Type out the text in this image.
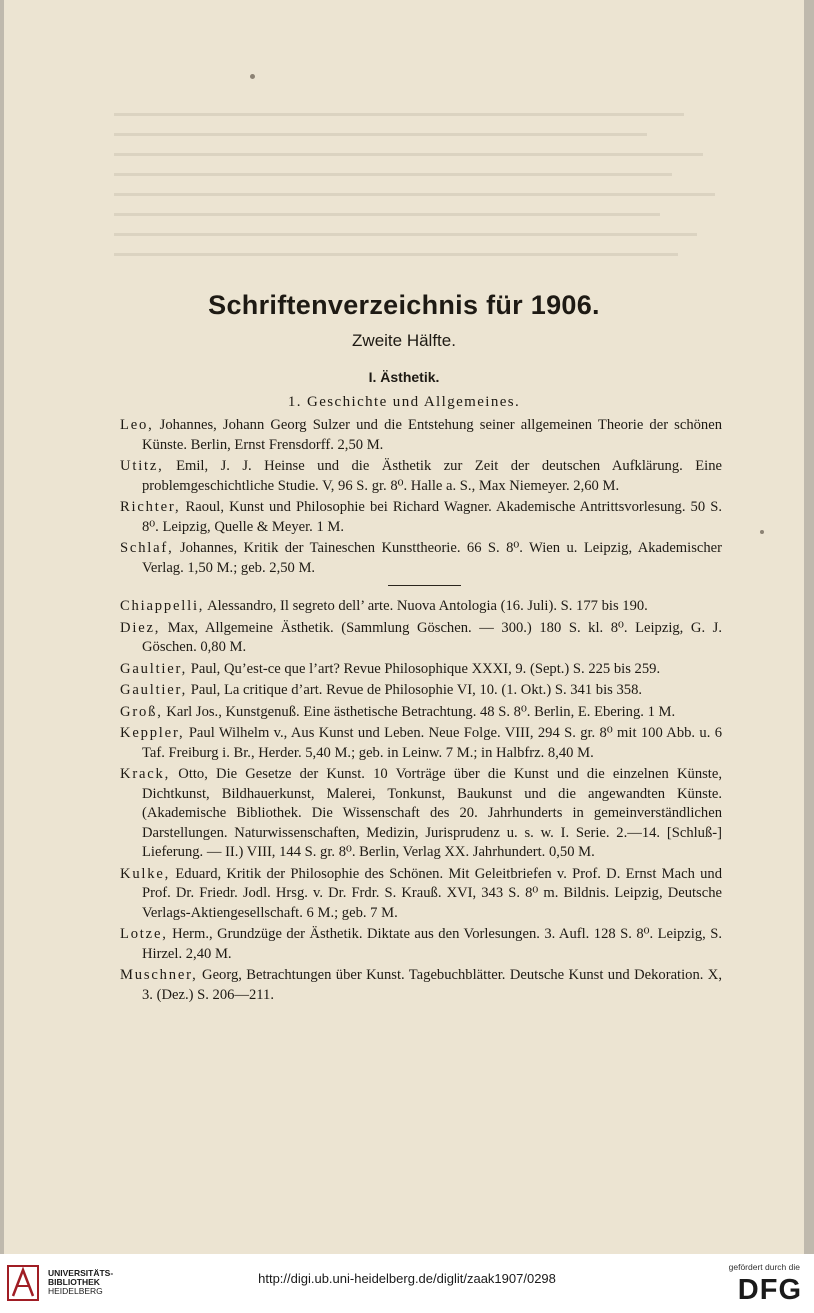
Schriftenverzeichnis für 1906.
Zweite Hälfte.
I. Ästhetik.
1. Geschichte und Allgemeines.

Leo, Johannes, Johann Georg Sulzer und die Entstehung seiner allgemeinen Theorie der schönen Künste. Berlin, Ernst Frensdorff. 2,50 M.

Utitz, Emil, J. J. Heinse und die Ästhetik zur Zeit der deutschen Aufklärung. Eine problemgeschichtliche Studie. V, 96 S. gr. 8⁰. Halle a. S., Max Niemeyer. 2,60 M.

Richter, Raoul, Kunst und Philosophie bei Richard Wagner. Akademische Antrittsvorlesung. 50 S. 8⁰. Leipzig, Quelle & Meyer. 1 M.

Schlaf, Johannes, Kritik der Taineschen Kunsttheorie. 66 S. 8⁰. Wien u. Leipzig, Akademischer Verlag. 1,50 M.; geb. 2,50 M.

Chiappelli, Alessandro, Il segreto dell’ arte. Nuova Antologia (16. Juli). S. 177 bis 190.

Diez, Max, Allgemeine Ästhetik. (Sammlung Göschen. — 300.) 180 S. kl. 8⁰. Leipzig, G. J. Göschen. 0,80 M.

Gaultier, Paul, Qu’est-ce que l’art? Revue Philosophique XXXI, 9. (Sept.) S. 225 bis 259.

Gaultier, Paul, La critique d’art. Revue de Philosophie VI, 10. (1. Okt.) S. 341 bis 358.

Groß, Karl Jos., Kunstgenuß. Eine ästhetische Betrachtung. 48 S. 8⁰. Berlin, E. Ebering. 1 M.

Keppler, Paul Wilhelm v., Aus Kunst und Leben. Neue Folge. VIII, 294 S. gr. 8⁰ mit 100 Abb. u. 6 Taf. Freiburg i. Br., Herder. 5,40 M.; geb. in Leinw. 7 M.; in Halbfrz. 8,40 M.

Krack, Otto, Die Gesetze der Kunst. 10 Vorträge über die Kunst und die einzelnen Künste, Dichtkunst, Bildhauerkunst, Malerei, Tonkunst, Baukunst und die angewandten Künste. (Akademische Bibliothek. Die Wissenschaft des 20. Jahrhunderts in gemeinverständlichen Darstellungen. Naturwissenschaften, Medizin, Jurisprudenz u. s. w. I. Serie. 2.—14. [Schluß-] Lieferung. — II.) VIII, 144 S. gr. 8⁰. Berlin, Verlag XX. Jahrhundert. 0,50 M.

Kulke, Eduard, Kritik der Philosophie des Schönen. Mit Geleitbriefen v. Prof. D. Ernst Mach und Prof. Dr. Friedr. Jodl. Hrsg. v. Dr. Frdr. S. Krauß. XVI, 343 S. 8⁰ m. Bildnis. Leipzig, Deutsche Verlags-Aktiengesellschaft. 6 M.; geb. 7 M.

Lotze, Herm., Grundzüge der Ästhetik. Diktate aus den Vorlesungen. 3. Aufl. 128 S. 8⁰. Leipzig, S. Hirzel. 2,40 M.

Muschner, Georg, Betrachtungen über Kunst. Tagebuchblätter. Deutsche Kunst und Dekoration. X, 3. (Dez.) S. 206—211.

UNIVERSITÄTS-
BIBLIOTHEK
HEIDELBERG
http://digi.ub.uni-heidelberg.de/diglit/zaak1907/0298
gefördert durch die
DFG
